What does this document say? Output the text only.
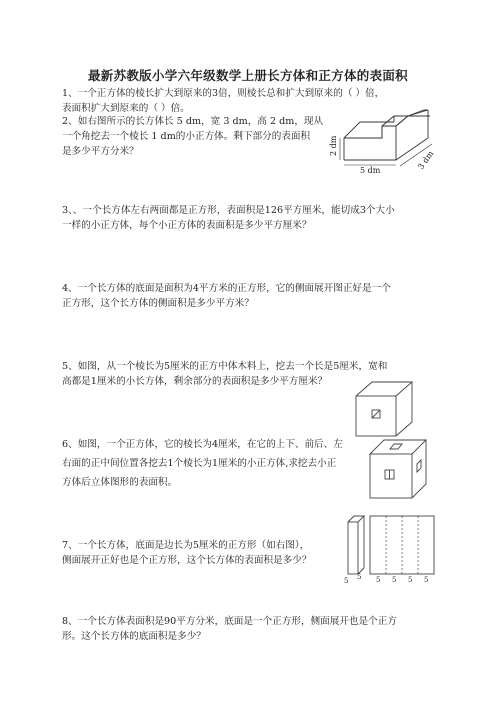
最新苏教版小学六年级数学上册长方体和正方体的表面积
1、一个正方体的棱长扩大到原来的3倍，则棱长总和扩大到原来的（ ）倍，
表面积扩大到原来的（ ）倍。
2、如右图所示的长方体长 5 dm，宽 3 dm，高 2 dm，现从
一个角挖去一个棱长 1 dm的小正方体。剩下部分的表面积
是多少平方分米？	2 dm
5 dm	3 dm
3、、一个长方体左右两面都是正方形，表面积是126平方厘米，能切成3个大小
一样的小正方体，每个小正方体的表面积是多少平方厘米？
4、一个长方体的底面是面积为4平方米的正方形，它的侧面展开图正好是一个
正方形，这个长方体的侧面积是多少平方米？
5、如图，从一个棱长为5厘米的正方中体木料上，挖去一个长是5厘米，宽和
高都是1厘米的小长方体，剩余部分的表面积是多少平方厘米？
6、如图，一个正方体，它的棱长为4厘米，在它的上下、前后、左
右面的正中间位置各挖去1个棱长为1厘米的小正方体,求挖去小正
方体后立体图形的表面积。
7、一个长方体，底面是边长为5厘米的正方形（如右图），
侧面展开正好也是个正方形，这个长方体的表面积是多少？
5 5 5 5 5 5
8、一个长方体表面积是90平方分米，底面是一个正方形，侧面展开也是个正方
形。这个长方体的底面积是多少？
